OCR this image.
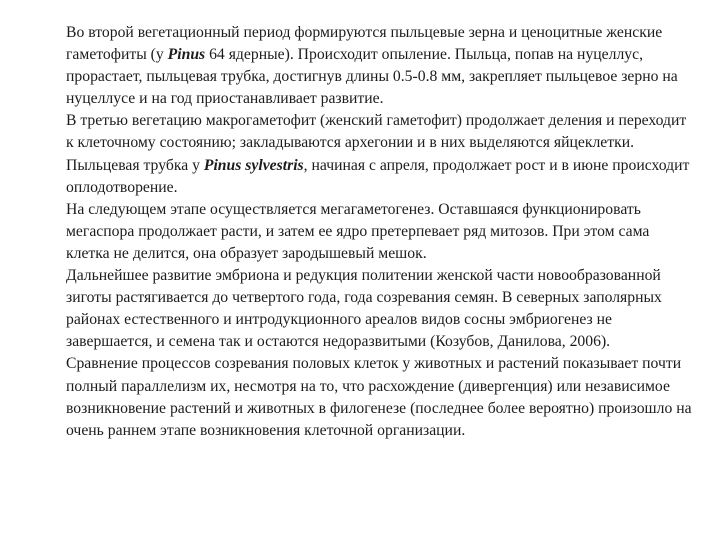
Во второй вегетационный период формируются пыльцевые зерна и ценоцитные женские гаметофиты (у Pinus 64 ядерные). Происходит опыление. Пыльца, попав на нуцеллус, прорастает, пыльцевая трубка, достигнув длины 0.5-0.8 мм, закрепляет пыльцевое зерно на нуцеллусе и на год приостанавливает развитие.

В третью вегетацию макрогаметофит (женский гаметофит) продолжает деления и переходит к клеточному состоянию; закладываются архегонии и в них выделяются яйцеклетки. Пыльцевая трубка у Pinus sylvestris, начиная с апреля, продолжает рост и в июне происходит оплодотворение.

На следующем этапе осуществляется мегагаметогенез. Оставшаяся функционировать мегаспора продолжает расти, и затем ее ядро претерпевает ряд митозов. При этом сама клетка не делится, она образует зародышевый мешок.

Дальнейшее развитие эмбриона и редукция политении женской части новообразованной зиготы растягивается до четвертого года, года созревания семян. В северных заполярных районах естественного и интродукционного ареалов видов сосны эмбриогенез не завершается, и семена так и остаются недоразвитыми (Козубов, Данилова, 2006).

Сравнение процессов созревания половых клеток у животных и растений показывает почти полный параллелизм их, несмотря на то, что расхождение (дивергенция) или независимое возникновение растений и животных в филогенезе (последнее более вероятно) произошло на очень раннем этапе возникновения клеточной организации.
